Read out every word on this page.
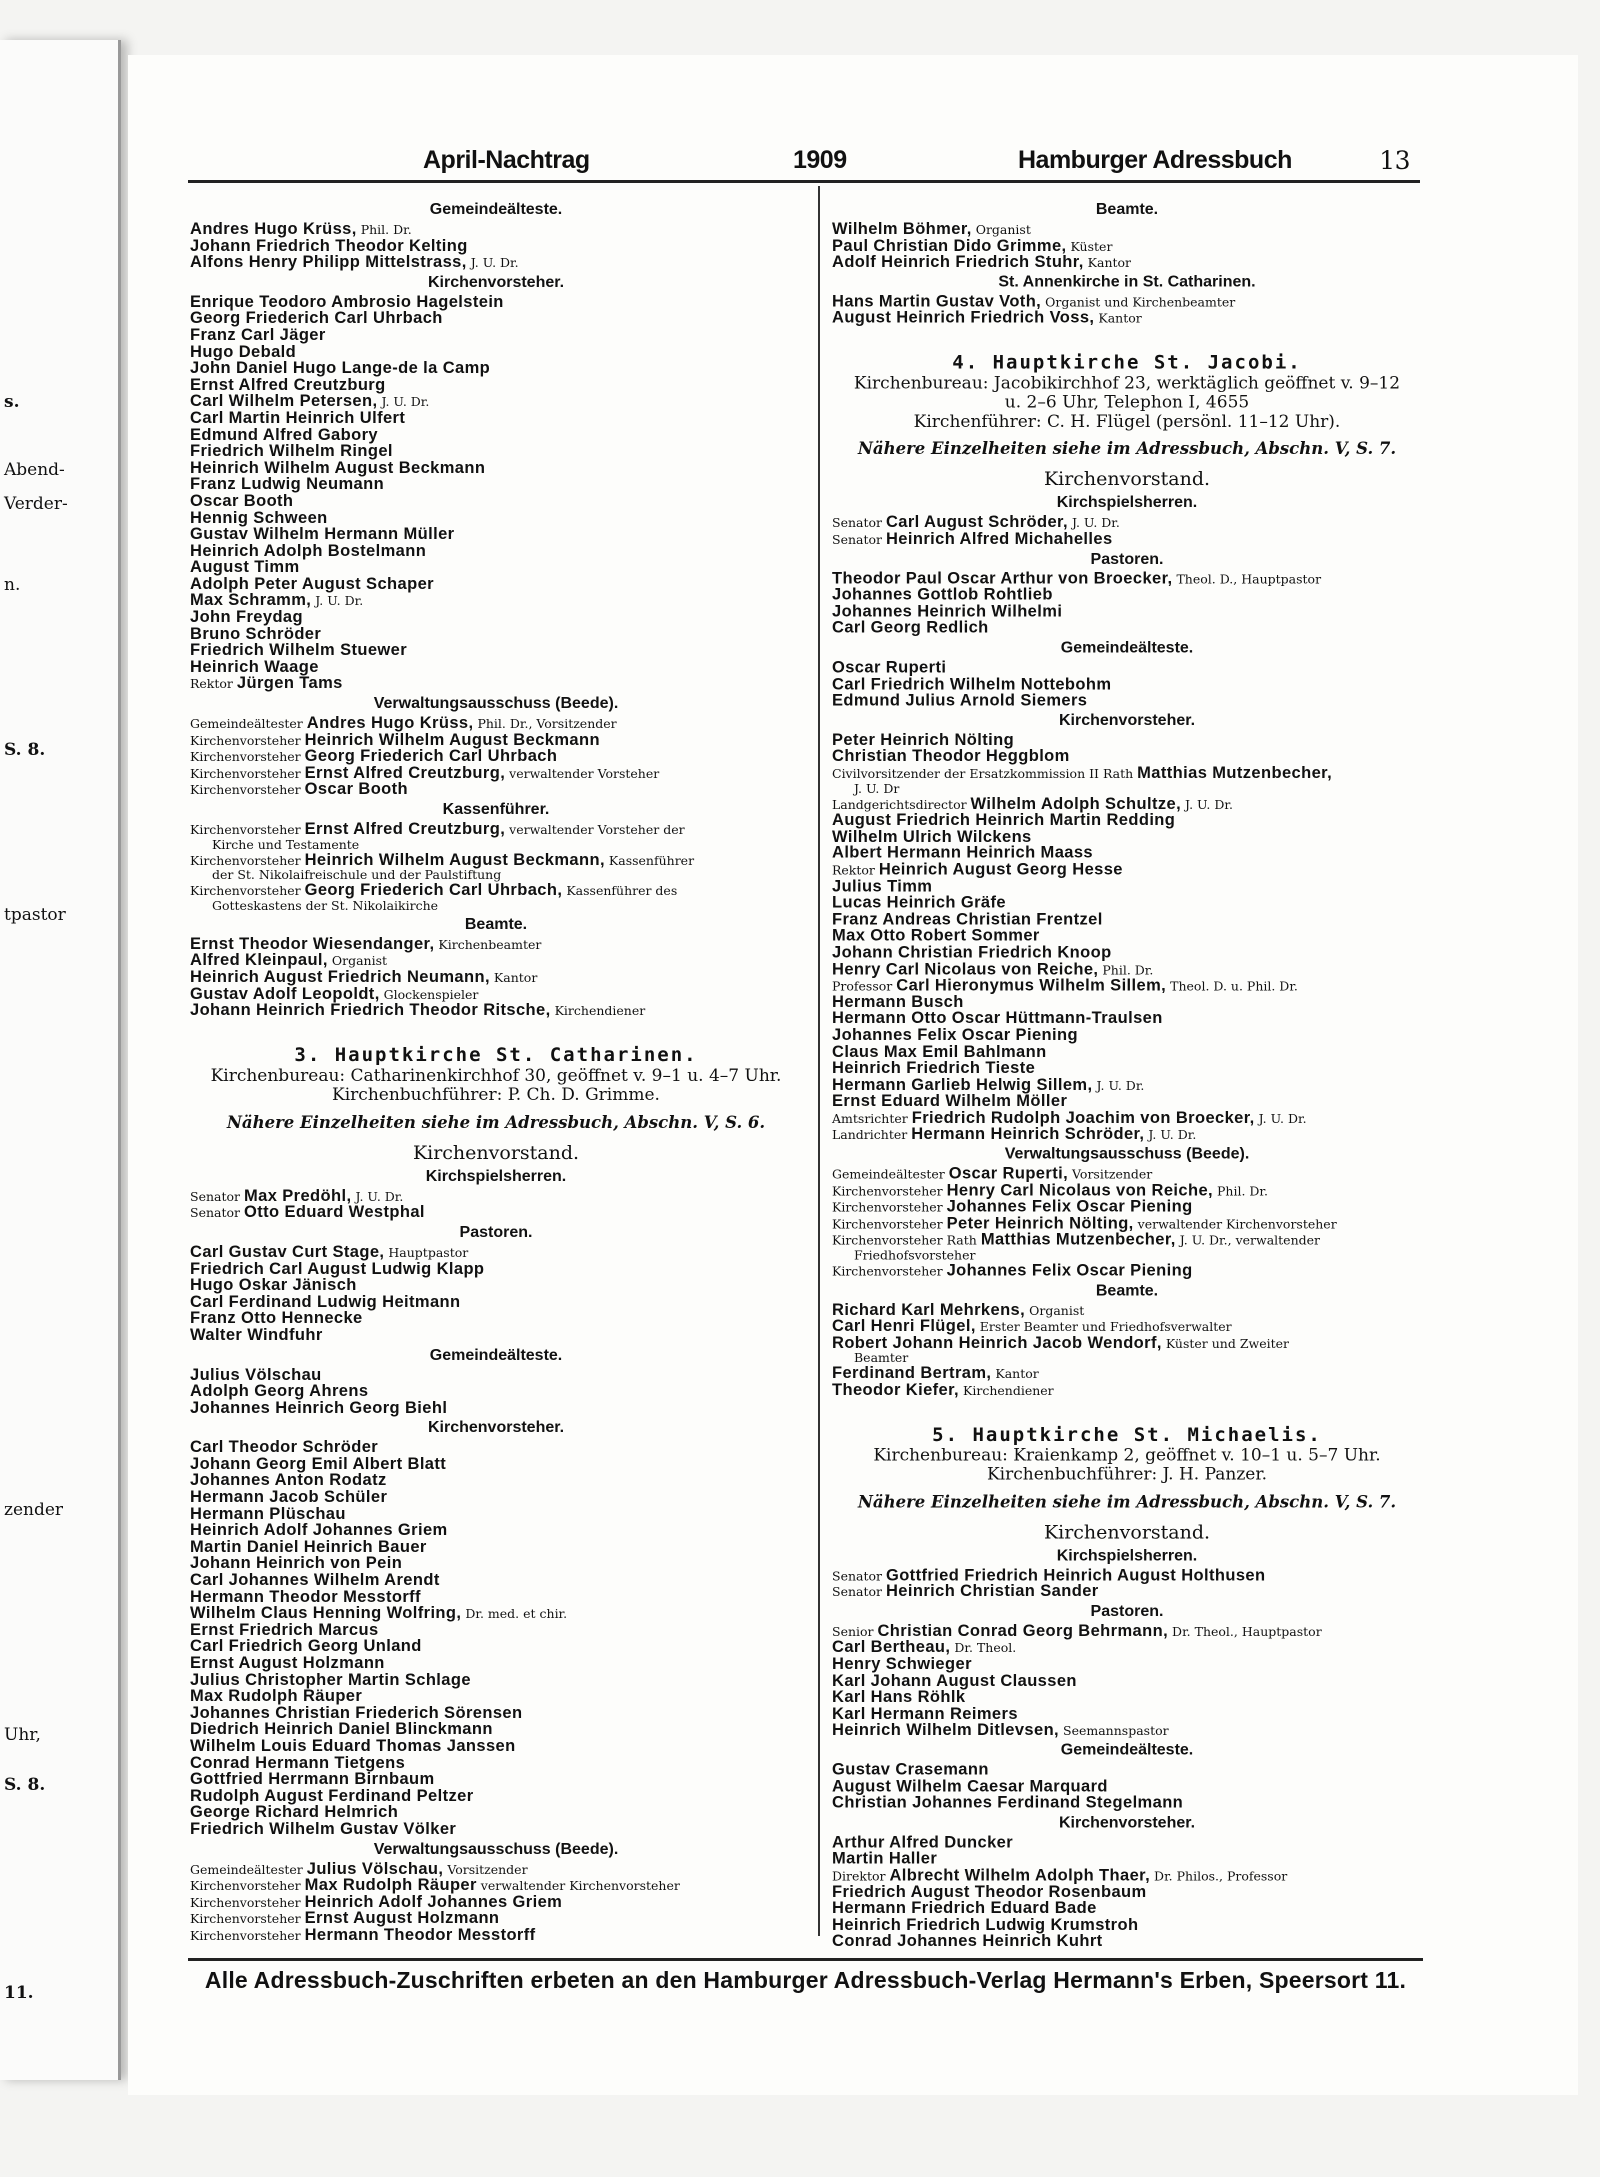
s.
Abend-
Verder-
n.
S. 8.
tpastor
zender
Uhr,
S. 8.
11.
April-Nachtrag	1909	Hamburger Adressbuch	13
Gemeindeälteste.
Andres Hugo Krüss, Phil. Dr.
Johann Friedrich Theodor Kelting
Alfons Henry Philipp Mittelstrass, J. U. Dr.
Kirchenvorsteher.
Enrique Teodoro Ambrosio Hagelstein
Georg Friederich Carl Uhrbach
Franz Carl Jäger
Hugo Debald
John Daniel Hugo Lange-de la Camp
Ernst Alfred Creutzburg
Carl Wilhelm Petersen, J. U. Dr.
Carl Martin Heinrich Ulfert
Edmund Alfred Gabory
Friedrich Wilhelm Ringel
Heinrich Wilhelm August Beckmann
Franz Ludwig Neumann
Oscar Booth
Hennig Schween
Gustav Wilhelm Hermann Müller
Heinrich Adolph Bostelmann
August Timm
Adolph Peter August Schaper
Max Schramm, J. U. Dr.
John Freydag
Bruno Schröder
Friedrich Wilhelm Stuewer
Heinrich Waage
Rektor Jürgen Tams
Verwaltungsausschuss (Beede).
Gemeindeältester Andres Hugo Krüss, Phil. Dr., Vorsitzender
Kirchenvorsteher Heinrich Wilhelm August Beckmann
Kirchenvorsteher Georg Friederich Carl Uhrbach
Kirchenvorsteher Ernst Alfred Creutzburg, verwaltender Vorsteher
Kirchenvorsteher Oscar Booth
Kassenführer.
Kirchenvorsteher Ernst Alfred Creutzburg, verwaltender Vorsteher der
Kirche und Testamente
Kirchenvorsteher Heinrich Wilhelm August Beckmann, Kassenführer
der St. Nikolaifreischule und der Paulstiftung
Kirchenvorsteher Georg Friederich Carl Uhrbach, Kassenführer des
Gotteskastens der St. Nikolaikirche
Beamte.
Ernst Theodor Wiesendanger, Kirchenbeamter
Alfred Kleinpaul, Organist
Heinrich August Friedrich Neumann, Kantor
Gustav Adolf Leopoldt, Glockenspieler
Johann Heinrich Friedrich Theodor Ritsche, Kirchendiener
3. Hauptkirche St. Catharinen.
Kirchenbureau: Catharinenkirchhof 30, geöffnet v. 9–1 u. 4–7 Uhr.
Kirchenbuchführer: P. Ch. D. Grimme.
Nähere Einzelheiten siehe im Adressbuch, Abschn. V, S. 6.
Kirchenvorstand.
Kirchspielsherren.
Senator Max Predöhl, J. U. Dr.
Senator Otto Eduard Westphal
Pastoren.
Carl Gustav Curt Stage, Hauptpastor
Friedrich Carl August Ludwig Klapp
Hugo Oskar Jänisch
Carl Ferdinand Ludwig Heitmann
Franz Otto Hennecke
Walter Windfuhr
Gemeindeälteste.
Julius Völschau
Adolph Georg Ahrens
Johannes Heinrich Georg Biehl
Kirchenvorsteher.
Carl Theodor Schröder
Johann Georg Emil Albert Blatt
Johannes Anton Rodatz
Hermann Jacob Schüler
Hermann Plüschau
Heinrich Adolf Johannes Griem
Martin Daniel Heinrich Bauer
Johann Heinrich von Pein
Carl Johannes Wilhelm Arendt
Hermann Theodor Messtorff
Wilhelm Claus Henning Wolfring, Dr. med. et chir.
Ernst Friedrich Marcus
Carl Friedrich Georg Unland
Ernst August Holzmann
Julius Christopher Martin Schlage
Max Rudolph Räuper
Johannes Christian Friederich Sörensen
Diedrich Heinrich Daniel Blinckmann
Wilhelm Louis Eduard Thomas Janssen
Conrad Hermann Tietgens
Gottfried Herrmann Birnbaum
Rudolph August Ferdinand Peltzer
George Richard Helmrich
Friedrich Wilhelm Gustav Völker
Verwaltungsausschuss (Beede).
Gemeindeältester Julius Völschau, Vorsitzender
Kirchenvorsteher Max Rudolph Räuper verwaltender Kirchenvorsteher
Kirchenvorsteher Heinrich Adolf Johannes Griem
Kirchenvorsteher Ernst August Holzmann
Kirchenvorsteher Hermann Theodor Messtorff
Beamte.
Wilhelm Böhmer, Organist
Paul Christian Dido Grimme, Küster
Adolf Heinrich Friedrich Stuhr, Kantor
St. Annenkirche in St. Catharinen.
Hans Martin Gustav Voth, Organist und Kirchenbeamter
August Heinrich Friedrich Voss, Kantor
4. Hauptkirche St. Jacobi.
Kirchenbureau: Jacobikirchhof 23, werktäglich geöffnet v. 9–12
u. 2–6 Uhr, Telephon I, 4655
Kirchenführer: C. H. Flügel (persönl. 11–12 Uhr).
Nähere Einzelheiten siehe im Adressbuch, Abschn. V, S. 7.
Kirchenvorstand.
Kirchspielsherren.
Senator Carl August Schröder, J. U. Dr.
Senator Heinrich Alfred Michahelles
Pastoren.
Theodor Paul Oscar Arthur von Broecker, Theol. D., Hauptpastor
Johannes Gottlob Rohtlieb
Johannes Heinrich Wilhelmi
Carl Georg Redlich
Gemeindeälteste.
Oscar Ruperti
Carl Friedrich Wilhelm Nottebohm
Edmund Julius Arnold Siemers
Kirchenvorsteher.
Peter Heinrich Nölting
Christian Theodor Heggblom
Civilvorsitzender der Ersatzkommission II Rath Matthias Mutzenbecher,
J. U. Dr
Landgerichtsdirector Wilhelm Adolph Schultze, J. U. Dr.
August Friedrich Heinrich Martin Redding
Wilhelm Ulrich Wilckens
Albert Hermann Heinrich Maass
Rektor Heinrich August Georg Hesse
Julius Timm
Lucas Heinrich Gräfe
Franz Andreas Christian Frentzel
Max Otto Robert Sommer
Johann Christian Friedrich Knoop
Henry Carl Nicolaus von Reiche, Phil. Dr.
Professor Carl Hieronymus Wilhelm Sillem, Theol. D. u. Phil. Dr.
Hermann Busch
Hermann Otto Oscar Hüttmann-Traulsen
Johannes Felix Oscar Piening
Claus Max Emil Bahlmann
Heinrich Friedrich Tieste
Hermann Garlieb Helwig Sillem, J. U. Dr.
Ernst Eduard Wilhelm Möller
Amtsrichter Friedrich Rudolph Joachim von Broecker, J. U. Dr.
Landrichter Hermann Heinrich Schröder, J. U. Dr.
Verwaltungsausschuss (Beede).
Gemeindeältester Oscar Ruperti, Vorsitzender
Kirchenvorsteher Henry Carl Nicolaus von Reiche, Phil. Dr.
Kirchenvorsteher Johannes Felix Oscar Piening
Kirchenvorsteher Peter Heinrich Nölting, verwaltender Kirchenvorsteher
Kirchenvorsteher Rath Matthias Mutzenbecher, J. U. Dr., verwaltender
Friedhofsvorsteher
Kirchenvorsteher Johannes Felix Oscar Piening
Beamte.
Richard Karl Mehrkens, Organist
Carl Henri Flügel, Erster Beamter und Friedhofsverwalter
Robert Johann Heinrich Jacob Wendorf, Küster und Zweiter
Beamter
Ferdinand Bertram, Kantor
Theodor Kiefer, Kirchendiener
5. Hauptkirche St. Michaelis.
Kirchenbureau: Kraienkamp 2, geöffnet v. 10–1 u. 5–7 Uhr.
Kirchenbuchführer: J. H. Panzer.
Nähere Einzelheiten siehe im Adressbuch, Abschn. V, S. 7.
Kirchenvorstand.
Kirchspielsherren.
Senator Gottfried Friedrich Heinrich August Holthusen
Senator Heinrich Christian Sander
Pastoren.
Senior Christian Conrad Georg Behrmann, Dr. Theol., Hauptpastor
Carl Bertheau, Dr. Theol.
Henry Schwieger
Karl Johann August Claussen
Karl Hans Röhlk
Karl Hermann Reimers
Heinrich Wilhelm Ditlevsen, Seemannspastor
Gemeindeälteste.
Gustav Crasemann
August Wilhelm Caesar Marquard
Christian Johannes Ferdinand Stegelmann
Kirchenvorsteher.
Arthur Alfred Duncker
Martin Haller
Direktor Albrecht Wilhelm Adolph Thaer, Dr. Philos., Professor
Friedrich August Theodor Rosenbaum
Hermann Friedrich Eduard Bade
Heinrich Friedrich Ludwig Krumstroh
Conrad Johannes Heinrich Kuhrt
Alle Adressbuch-Zuschriften erbeten an den Hamburger Adressbuch-Verlag Hermann's Erben, Speersort 11.
